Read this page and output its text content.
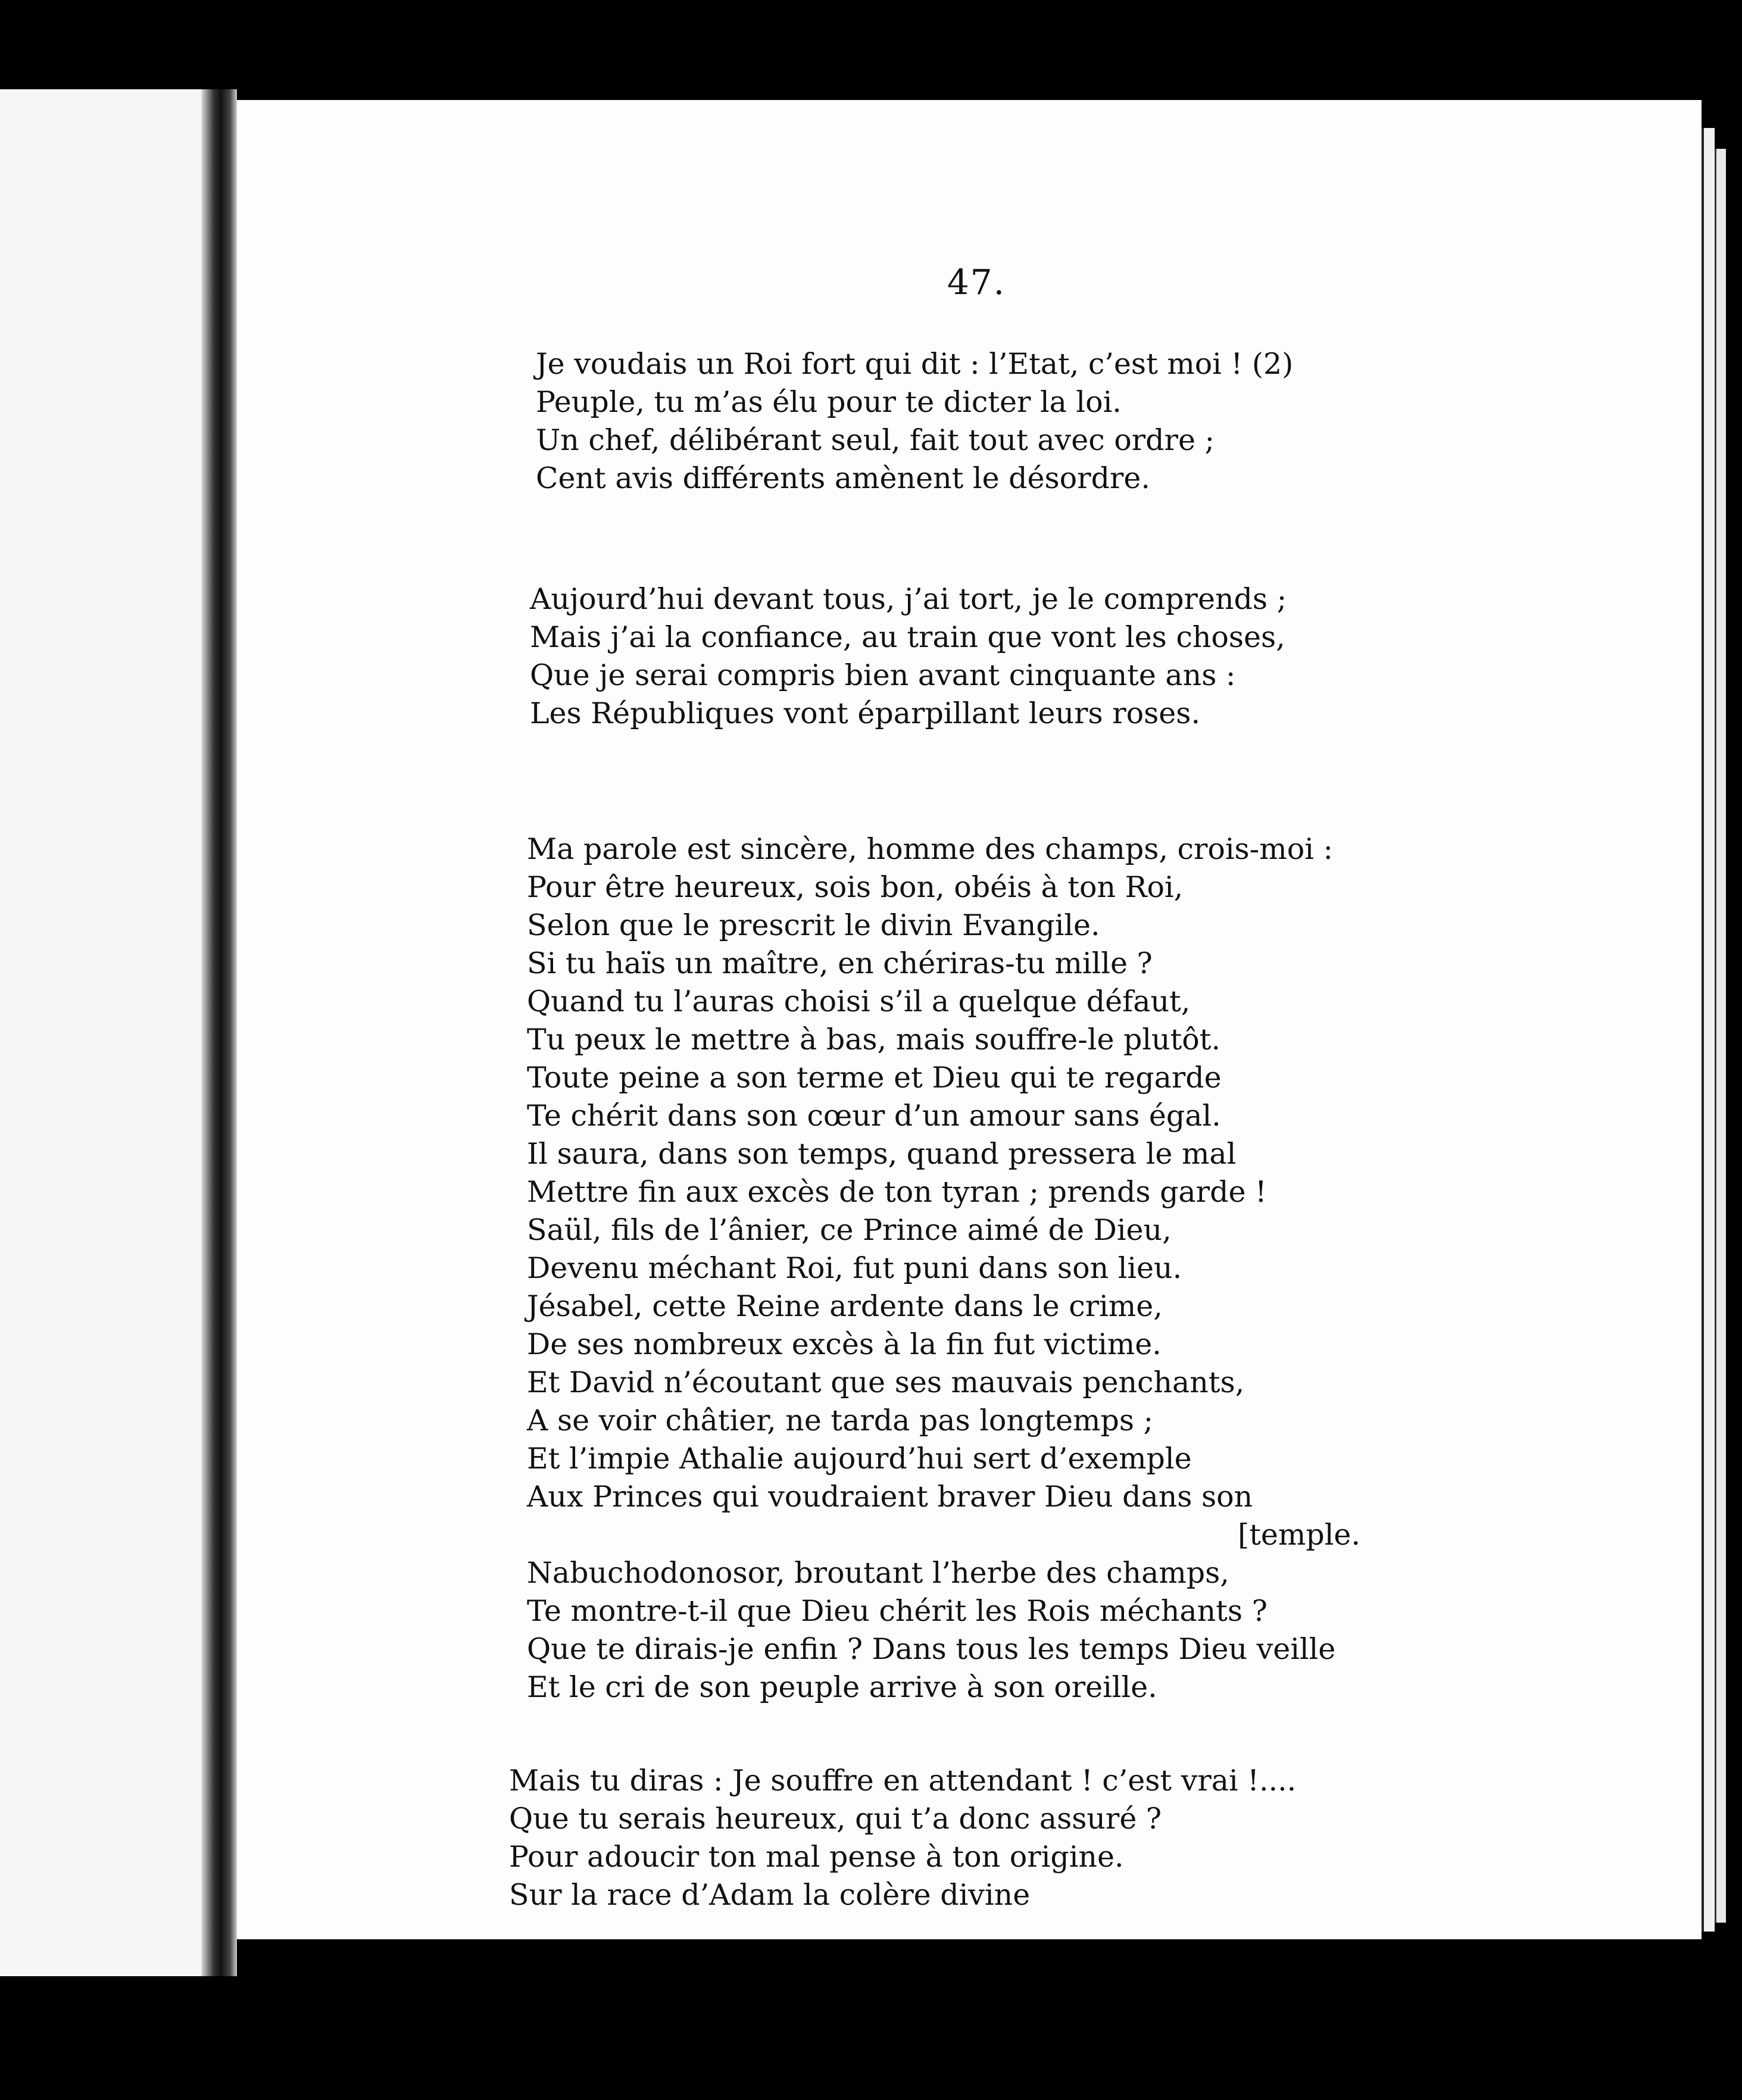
47.

Je voudais un Roi fort qui dit : l’Etat, c’est moi ! (2)
Peuple, tu m’as élu pour te dicter la loi.
Un chef, délibérant seul, fait tout avec ordre ;
Cent avis différents amènent le désordre.

Aujourd’hui devant tous, j’ai tort, je le comprends ;
Mais j’ai la confiance, au train que vont les choses,
Que je serai compris bien avant cinquante ans :
Les Républiques vont éparpillant leurs roses.

Ma parole est sincère, homme des champs, crois-moi :
Pour être heureux, sois bon, obéis à ton Roi,
Selon que le prescrit le divin Evangile.
Si tu haïs un maître, en chériras-tu mille ?
Quand tu l’auras choisi s’il a quelque défaut,
Tu peux le mettre à bas, mais souffre-le plutôt.
Toute peine a son terme et Dieu qui te regarde
Te chérit dans son cœur d’un amour sans égal.
Il saura, dans son temps, quand pressera le mal
Mettre fin aux excès de ton tyran ; prends garde !
Saül, fils de l’ânier, ce Prince aimé de Dieu,
Devenu méchant Roi, fut puni dans son lieu.
Jésabel, cette Reine ardente dans le crime,
De ses nombreux excès à la fin fut victime.
Et David n’écoutant que ses mauvais penchants,
A se voir châtier, ne tarda pas longtemps ;
Et l’impie Athalie aujourd’hui sert d’exemple
Aux Princes qui voudraient braver Dieu dans son
[temple.
Nabuchodonosor, broutant l’herbe des champs,
Te montre-t-il que Dieu chérit les Rois méchants ?
Que te dirais-je enfin ? Dans tous les temps Dieu veille
Et le cri de son peuple arrive à son oreille.

Mais tu diras : Je souffre en attendant ! c’est vrai !....
Que tu serais heureux, qui t’a donc assuré ?
Pour adoucir ton mal pense à ton origine.
Sur la race d’Adam la colère divine
